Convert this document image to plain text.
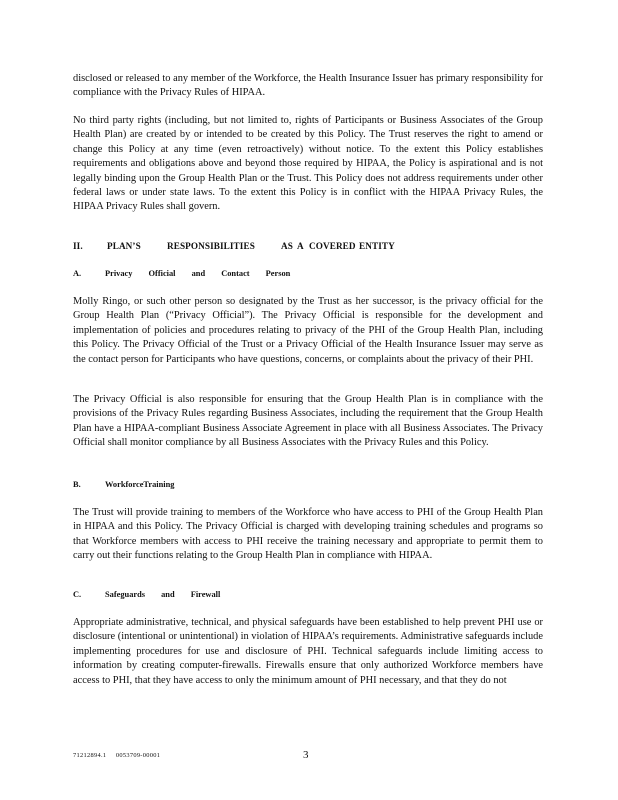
disclosed or released to any member of the Workforce, the Health Insurance Issuer has primary responsibility for compliance with the Privacy Rules of HIPAA.

No third party rights (including, but not limited to, rights of Participants or Business Associates of the Group Health Plan) are created by or intended to be created by this Policy. The Trust reserves the right to amend or change this Policy at any time (even retroactively) without notice. To the extent this Policy establishes requirements and obligations above and beyond those required by HIPAA, the Policy is aspirational and is not legally binding upon the Group Health Plan or the Trust. This Policy does not address requirements under other federal laws or under state laws. To the extent this Policy is in conflict with the HIPAA Privacy Rules, the HIPAA Privacy Rules shall govern.

II.	PLAN’S	RESPONSIBILITIES	AS A COVERED ENTITY

A.	Privacy Official and Contact Person

Molly Ringo, or such other person so designated by the Trust as her successor, is the privacy official for the Group Health Plan (“Privacy Official”). The Privacy Official is responsible for the development and implementation of policies and procedures relating to privacy of the PHI of the Group Health Plan, including this Policy. The Privacy Official of the Trust or a Privacy Official of the Health Insurance Issuer may serve as the contact person for Participants who have questions, concerns, or complaints about the privacy of their PHI.

The Privacy Official is also responsible for ensuring that the Group Health Plan is in compliance with the provisions of the Privacy Rules regarding Business Associates, including the requirement that the Group Health Plan have a HIPAA-compliant Business Associate Agreement in place with all Business Associates. The Privacy Official shall monitor compliance by all Business Associates with the Privacy Rules and this Policy.

B.	Workforce Training

The Trust will provide training to members of the Workforce who have access to PHI of the Group Health Plan in HIPAA and this Policy. The Privacy Official is charged with developing training schedules and programs so that Workforce members with access to PHI receive the training necessary and appropriate to permit them to carry out their functions relating to the Group Health Plan in compliance with HIPAA.

C.	Safeguards and Firewall

Appropriate administrative, technical, and physical safeguards have been established to help prevent PHI use or disclosure (intentional or unintentional) in violation of HIPAA’s requirements. Administrative safeguards include implementing procedures for use and disclosure of PHI. Technical safeguards include limiting access to information by creating computer-firewalls. Firewalls ensure that only authorized Workforce members have access to PHI, that they have access to only the minimum amount of PHI necessary, and that they do not

71212894.1     0053709-00001	3
